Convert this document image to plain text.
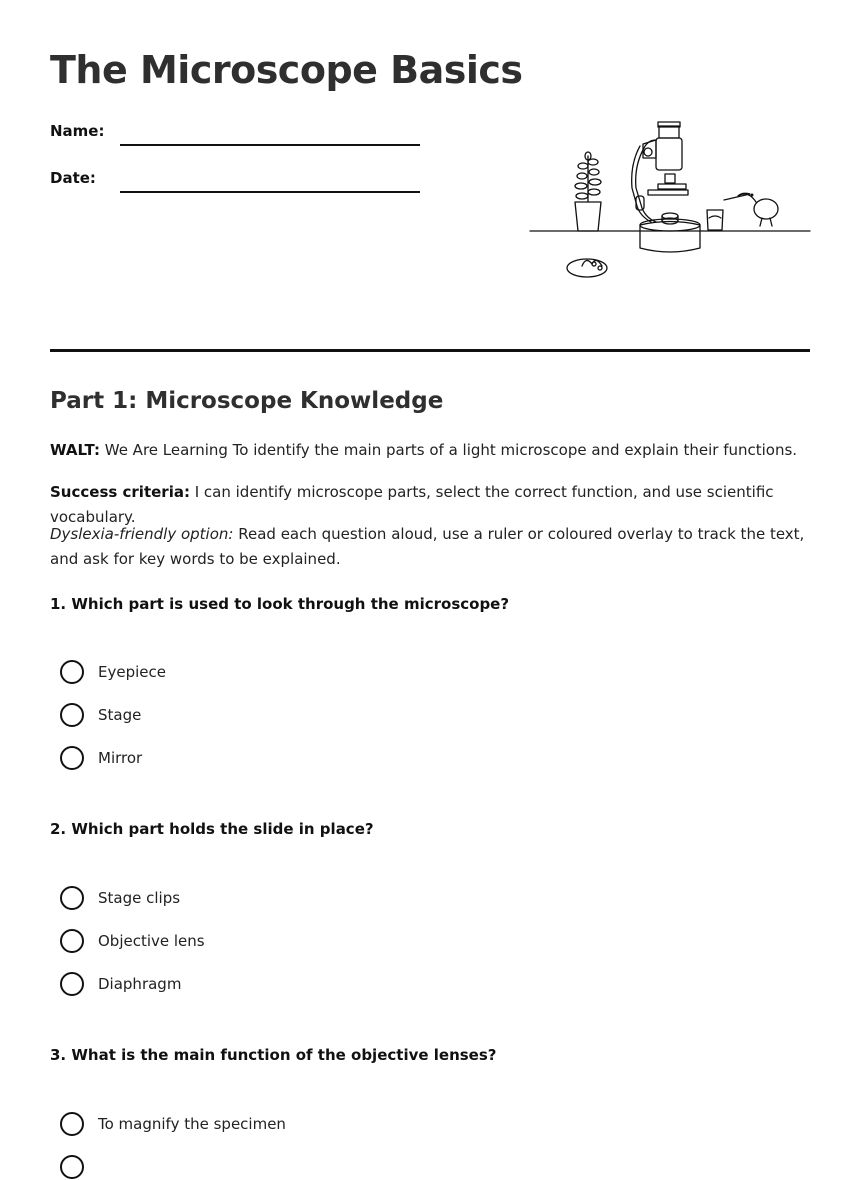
The Microscope Basics
Name:
Date:
Part 1: Microscope Knowledge

WALT: We Are Learning To identify the main parts of a light microscope and explain their functions.

Success criteria: I can identify microscope parts, select the correct function, and use scientific vocabulary.

Dyslexia-friendly option: Read each question aloud, use a ruler or coloured overlay to track the text, and ask for key words to be explained.

1. Which part is used to look through the microscope?

Eyepiece
Stage
Mirror

2. Which part holds the slide in place?

Stage clips
Objective lens
Diaphragm

3. What is the main function of the objective lenses?

To magnify the specimen
